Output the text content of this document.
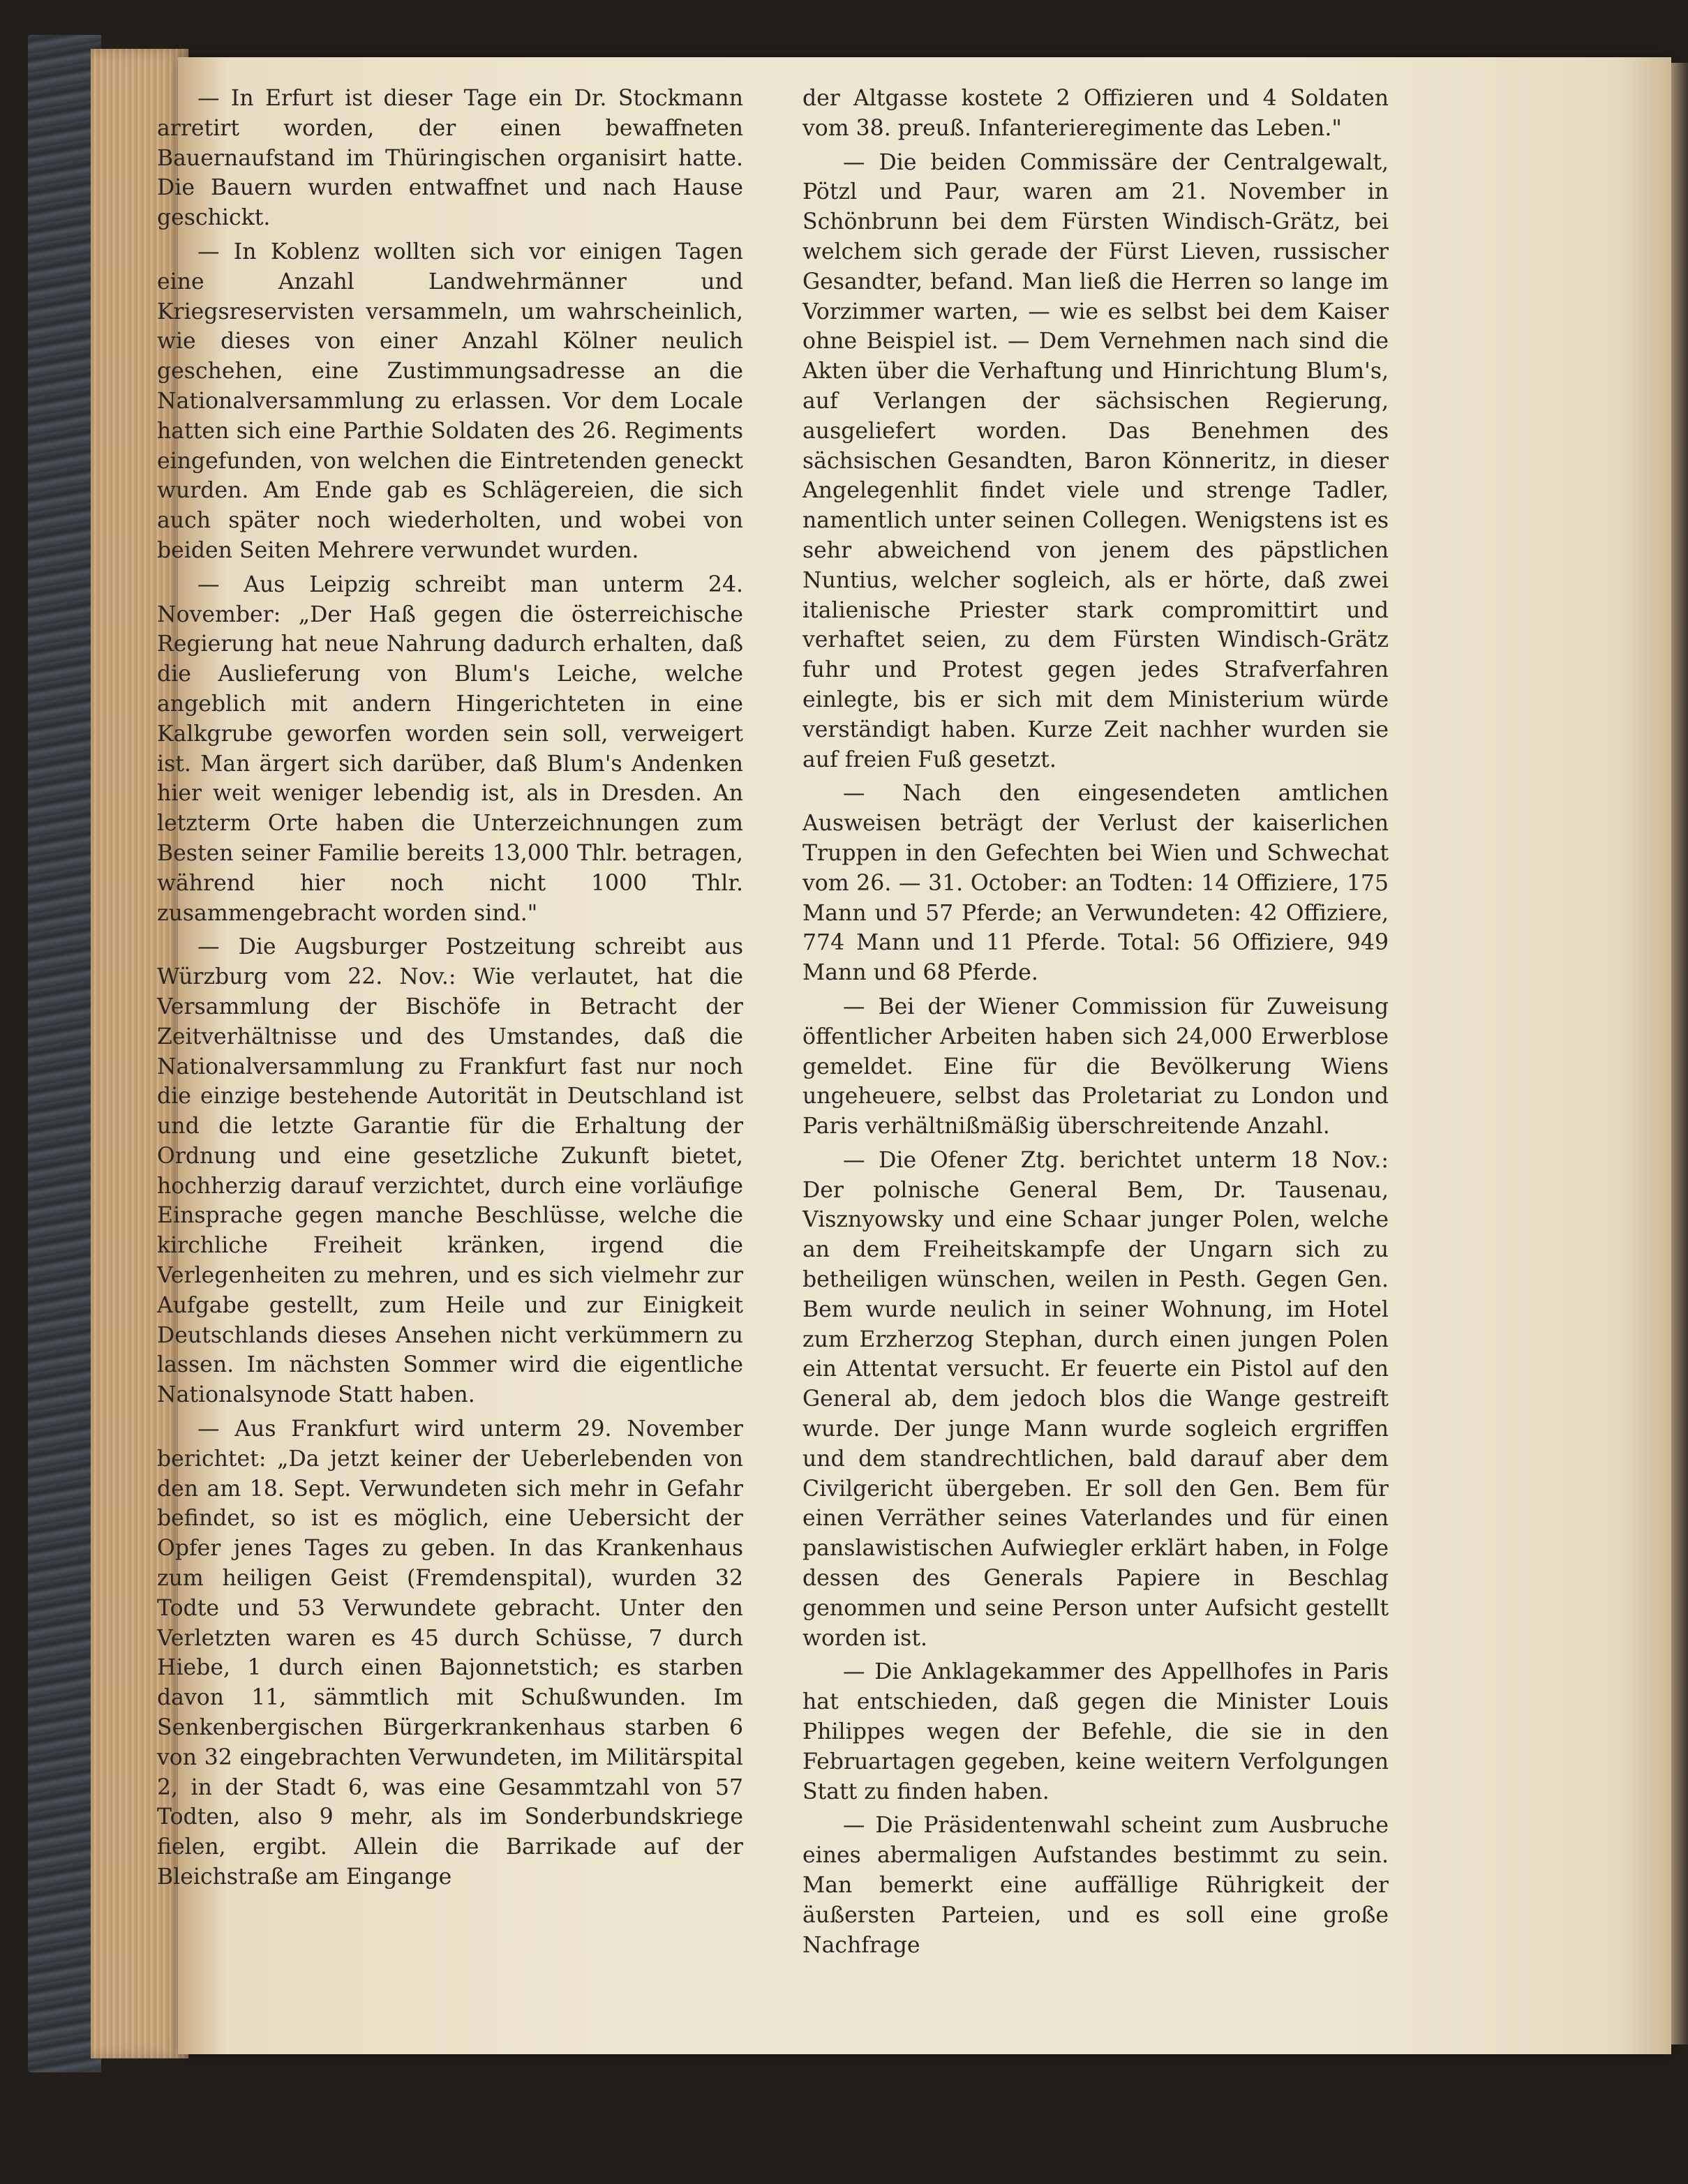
— In Erfurt ist dieser Tage ein Dr. Stockmann arretirt worden, der einen bewaffneten Bauernaufstand im Thüringischen organisirt hatte. Die Bauern wurden entwaffnet und nach Hause geschickt.

— In Koblenz wollten sich vor einigen Tagen eine Anzahl Landwehrmänner und Kriegsreservisten versammeln, um wahrscheinlich, wie dieses von einer Anzahl Kölner neulich geschehen, eine Zustimmungsadresse an die Nationalversammlung zu erlassen. Vor dem Locale hatten sich eine Parthie Soldaten des 26. Regiments eingefunden, von welchen die Eintretenden geneckt wurden. Am Ende gab es Schlägereien, die sich auch später noch wiederholten, und wobei von beiden Seiten Mehrere verwundet wurden.

— Aus Leipzig schreibt man unterm 24. November: „Der Haß gegen die österreichische Regierung hat neue Nahrung dadurch erhalten, daß die Auslieferung von Blum's Leiche, welche angeblich mit andern Hingerichteten in eine Kalkgrube geworfen worden sein soll, verweigert ist. Man ärgert sich darüber, daß Blum's Andenken hier weit weniger lebendig ist, als in Dresden. An letzterm Orte haben die Unterzeichnungen zum Besten seiner Familie bereits 13,000 Thlr. betragen, während hier noch nicht 1000 Thlr. zusammengebracht worden sind."

— Die Augsburger Postzeitung schreibt aus Würzburg vom 22. Nov.: Wie verlautet, hat die Versammlung der Bischöfe in Betracht der Zeitverhältnisse und des Umstandes, daß die Nationalversammlung zu Frankfurt fast nur noch die einzige bestehende Autorität in Deutschland ist und die letzte Garantie für die Erhaltung der Ordnung und eine gesetzliche Zukunft bietet, hochherzig darauf verzichtet, durch eine vorläufige Einsprache gegen manche Beschlüsse, welche die kirchliche Freiheit kränken, irgend die Verlegenheiten zu mehren, und es sich vielmehr zur Aufgabe gestellt, zum Heile und zur Einigkeit Deutschlands dieses Ansehen nicht verkümmern zu lassen. Im nächsten Sommer wird die eigentliche Nationalsynode Statt haben.

— Aus Frankfurt wird unterm 29. November berichtet: „Da jetzt keiner der Ueberlebenden von den am 18. Sept. Verwundeten sich mehr in Gefahr befindet, so ist es möglich, eine Uebersicht der Opfer jenes Tages zu geben. In das Krankenhaus zum heiligen Geist (Fremdenspital), wurden 32 Todte und 53 Verwundete gebracht. Unter den Verletzten waren es 45 durch Schüsse, 7 durch Hiebe, 1 durch einen Bajonnetstich; es starben davon 11, sämmtlich mit Schußwunden. Im Senkenbergischen Bürgerkrankenhaus starben 6 von 32 eingebrachten Verwundeten, im Militärspital 2, in der Stadt 6, was eine Gesammtzahl von 57 Todten, also 9 mehr, als im Sonderbundskriege fielen, ergibt. Allein die Barrikade auf der Bleichstraße am Eingange

der Altgasse kostete 2 Offizieren und 4 Soldaten vom 38. preuß. Infanterieregimente das Leben."

— Die beiden Commissäre der Centralgewalt, Pötzl und Paur, waren am 21. November in Schönbrunn bei dem Fürsten Windisch-Grätz, bei welchem sich gerade der Fürst Lieven, russischer Gesandter, befand. Man ließ die Herren so lange im Vorzimmer warten, — wie es selbst bei dem Kaiser ohne Beispiel ist. — Dem Vernehmen nach sind die Akten über die Verhaftung und Hinrichtung Blum's, auf Verlangen der sächsischen Regierung, ausgeliefert worden. Das Benehmen des sächsischen Gesandten, Baron Könneritz, in dieser Angelegenhlit findet viele und strenge Tadler, namentlich unter seinen Collegen. Wenigstens ist es sehr abweichend von jenem des päpstlichen Nuntius, welcher sogleich, als er hörte, daß zwei italienische Priester stark compromittirt und verhaftet seien, zu dem Fürsten Windisch-Grätz fuhr und Protest gegen jedes Strafverfahren einlegte, bis er sich mit dem Ministerium würde verständigt haben. Kurze Zeit nachher wurden sie auf freien Fuß gesetzt.

— Nach den eingesendeten amtlichen Ausweisen beträgt der Verlust der kaiserlichen Truppen in den Gefechten bei Wien und Schwechat vom 26. — 31. October: an Todten: 14 Offiziere, 175 Mann und 57 Pferde; an Verwundeten: 42 Offiziere, 774 Mann und 11 Pferde. Total: 56 Offiziere, 949 Mann und 68 Pferde.

— Bei der Wiener Commission für Zuweisung öffentlicher Arbeiten haben sich 24,000 Erwerblose gemeldet. Eine für die Bevölkerung Wiens ungeheuere, selbst das Proletariat zu London und Paris verhältnißmäßig überschreitende Anzahl.

— Die Ofener Ztg. berichtet unterm 18 Nov.: Der polnische General Bem, Dr. Tausenau, Visznyowsky und eine Schaar junger Polen, welche an dem Freiheitskampfe der Ungarn sich zu betheiligen wünschen, weilen in Pesth. Gegen Gen. Bem wurde neulich in seiner Wohnung, im Hotel zum Erzherzog Stephan, durch einen jungen Polen ein Attentat versucht. Er feuerte ein Pistol auf den General ab, dem jedoch blos die Wange gestreift wurde. Der junge Mann wurde sogleich ergriffen und dem standrechtlichen, bald darauf aber dem Civilgericht übergeben. Er soll den Gen. Bem für einen Verräther seines Vaterlandes und für einen panslawistischen Aufwiegler erklärt haben, in Folge dessen des Generals Papiere in Beschlag genommen und seine Person unter Aufsicht gestellt worden ist.

— Die Anklagekammer des Appellhofes in Paris hat entschieden, daß gegen die Minister Louis Philippes wegen der Befehle, die sie in den Februartagen gegeben, keine weitern Verfolgungen Statt zu finden haben.

— Die Präsidentenwahl scheint zum Ausbruche eines abermaligen Aufstandes bestimmt zu sein. Man bemerkt eine auffällige Rührigkeit der äußersten Parteien, und es soll eine große Nachfrage
